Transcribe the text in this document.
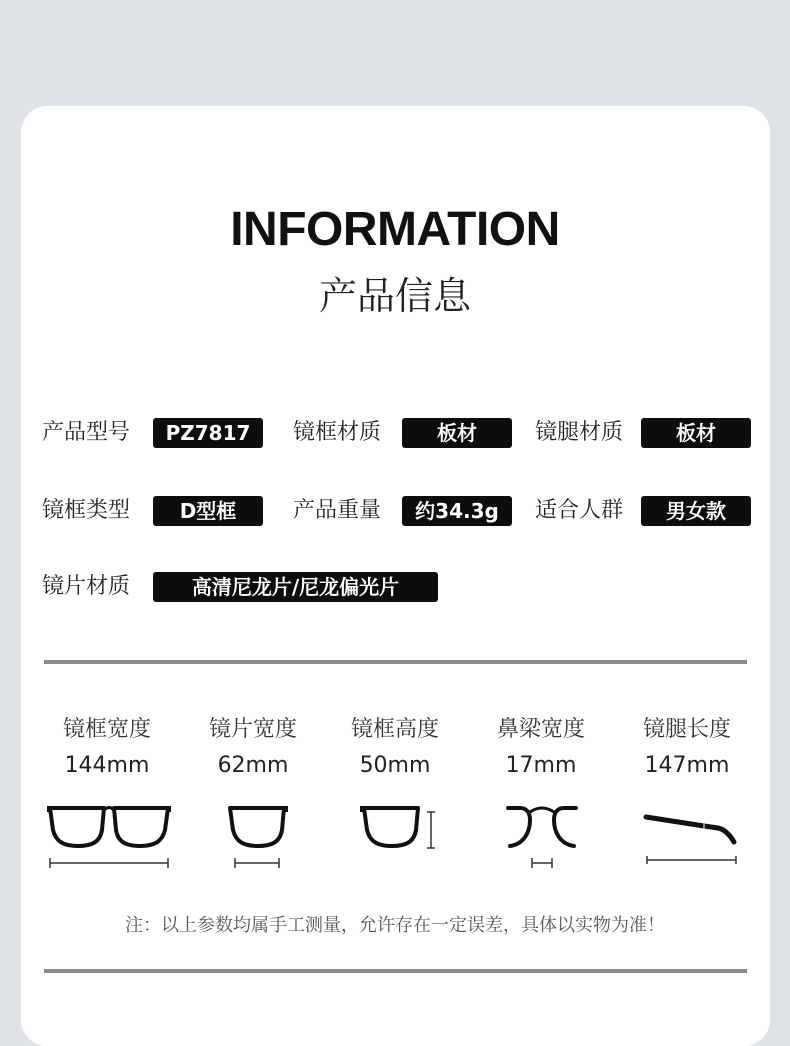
INFORMATION
产品信息
产品型号	PZ7817	镜框材质	板材	镜腿材质	板材
镜框类型	D型框	产品重量	约34.3g	适合人群	男女款
镜片材质	高清尼龙片/尼龙偏光片
镜框宽度
144mm
镜片宽度
62mm
镜框高度
50mm
鼻梁宽度
17mm
镜腿长度
147mm
注：以上参数均属手工测量，允许存在一定误差，具体以实物为准！
